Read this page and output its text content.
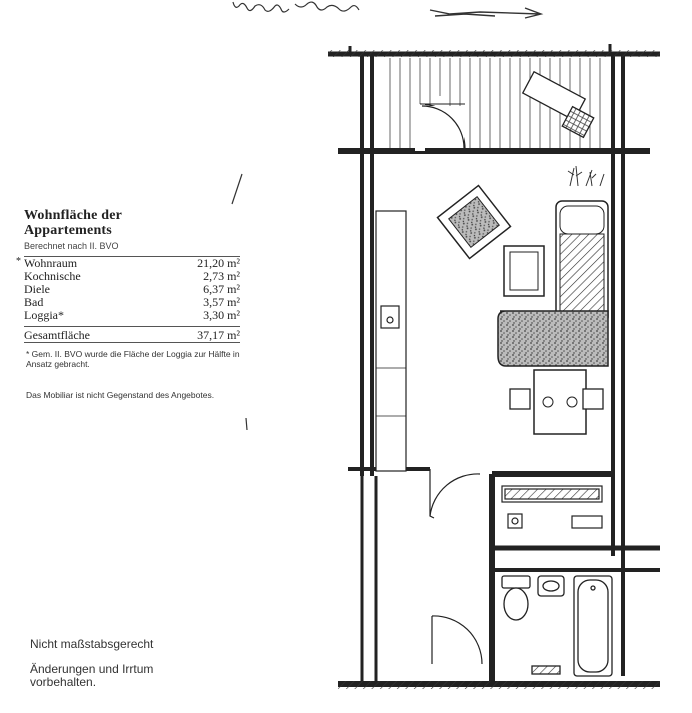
Wohnfläche der Appartements
Berechnet nach II. BVO
* Wohnraum	21,20 m²
Kochnische	2,73 m²
Diele	6,37 m²
Bad	3,57 m²
Loggia*	3,30 m²
Gesamtfläche	37,17 m²
* Gem. II. BVO wurde die Fläche der Loggia zur Hälfte in Ansatz gebracht.
Das Mobiliar ist nicht Gegenstand des Angebotes.
Nicht maßstabsgerecht
Änderungen und Irrtum vorbehalten.
